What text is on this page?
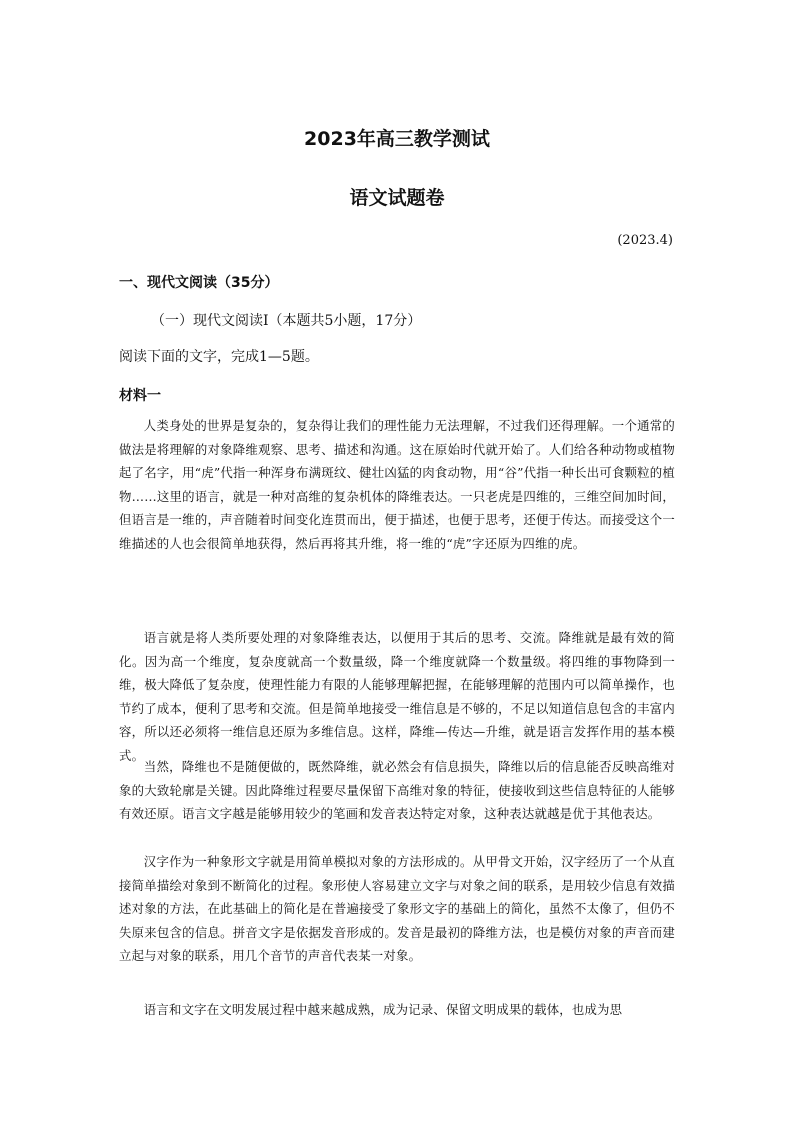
2023年高三教学测试
语文试题卷
(2023.4)
一、现代文阅读（35分）
（一）现代文阅读Ⅰ（本题共5小题，17分）
阅读下面的文字，完成1—5题。
材料一
人类身处的世界是复杂的，复杂得让我们的理性能力无法理解，不过我们还得理解。一个通常的做法是将理解的对象降维观察、思考、描述和沟通。这在原始时代就开始了。人们给各种动物或植物起了名字，用“虎”代指一种浑身布满斑纹、健壮凶猛的肉食动物，用“谷”代指一种长出可食颗粒的植物……这里的语言，就是一种对高维的复杂机体的降维表达。一只老虎是四维的，三维空间加时间，但语言是一维的，声音随着时间变化连贯而出，便于描述，也便于思考，还便于传达。而接受这个一维描述的人也会很简单地获得，然后再将其升维，将一维的“虎”字还原为四维的虎。
语言就是将人类所要处理的对象降维表达，以便用于其后的思考、交流。降维就是最有效的简化。因为高一个维度，复杂度就高一个数量级，降一个维度就降一个数量级。将四维的事物降到一维，极大降低了复杂度，使理性能力有限的人能够理解把握，在能够理解的范围内可以简单操作，也节约了成本，便利了思考和交流。但是简单地接受一维信息是不够的，不足以知道信息包含的丰富内容，所以还必须将一维信息还原为多维信息。这样，降维—传达—升维，就是语言发挥作用的基本模式。
当然，降维也不是随便做的，既然降维，就必然会有信息损失，降维以后的信息能否反映高维对象的大致轮廓是关键。因此降维过程要尽量保留下高维对象的特征，使接收到这些信息特征的人能够有效还原。语言文字越是能够用较少的笔画和发音表达特定对象，这种表达就越是优于其他表达。
汉字作为一种象形文字就是用简单模拟对象的方法形成的。从甲骨文开始，汉字经历了一个从直接简单描绘对象到不断简化的过程。象形使人容易建立文字与对象之间的联系，是用较少信息有效描述对象的方法，在此基础上的简化是在普遍接受了象形文字的基础上的简化，虽然不太像了，但仍不失原来包含的信息。拼音文字是依据发音形成的。发音是最初的降维方法，也是模仿对象的声音而建立起与对象的联系，用几个音节的声音代表某一对象。
语言和文字在文明发展过程中越来越成熟，成为记录、保留文明成果的载体，也成为思
